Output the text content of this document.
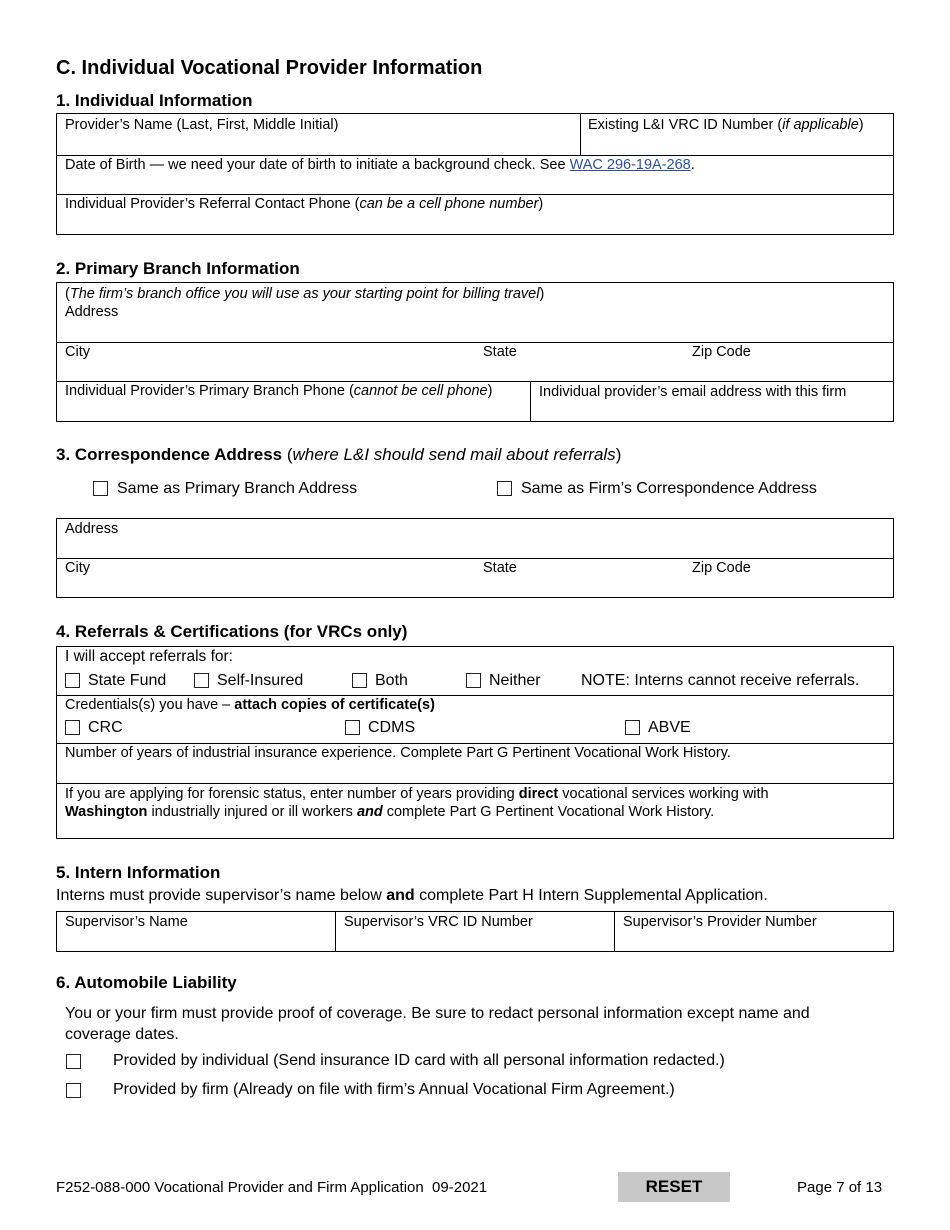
C. Individual Vocational Provider Information
1. Individual Information
Provider’s Name (Last, First, Middle Initial)	Existing L&I VRC ID Number (if applicable)
Date of Birth — we need your date of birth to initiate a background check. See WAC 296-19A-268.
Individual Provider’s Referral Contact Phone (can be a cell phone number)
2. Primary Branch Information
(The firm’s branch office you will use as your starting point for billing travel)
Address
City	State	Zip Code
Individual Provider’s Primary Branch Phone (cannot be cell phone)	Individual provider’s email address with this firm
3. Correspondence Address (where L&I should send mail about referrals)
Same as Primary Branch Address	Same as Firm’s Correspondence Address
Address
City	State	Zip Code
4. Referrals & Certifications (for VRCs only)
I will accept referrals for:
State Fund	Self-Insured	Both	Neither	NOTE: Interns cannot receive referrals.
Credentials(s) you have – attach copies of certificate(s)
CRC	CDMS	ABVE
Number of years of industrial insurance experience. Complete Part G Pertinent Vocational Work History.
If you are applying for forensic status, enter number of years providing direct vocational services working with
Washington industrially injured or ill workers and complete Part G Pertinent Vocational Work History.
5. Intern Information
Interns must provide supervisor’s name below and complete Part H Intern Supplemental Application.
Supervisor’s Name	Supervisor’s VRC ID Number	Supervisor’s Provider Number
6. Automobile Liability
You or your firm must provide proof of coverage. Be sure to redact personal information except name and
coverage dates.
Provided by individual (Send insurance ID card with all personal information redacted.)
Provided by firm (Already on file with firm’s Annual Vocational Firm Agreement.)
F252-088-000 Vocational Provider and Firm Application  09-2021	RESET	Page 7 of 13
